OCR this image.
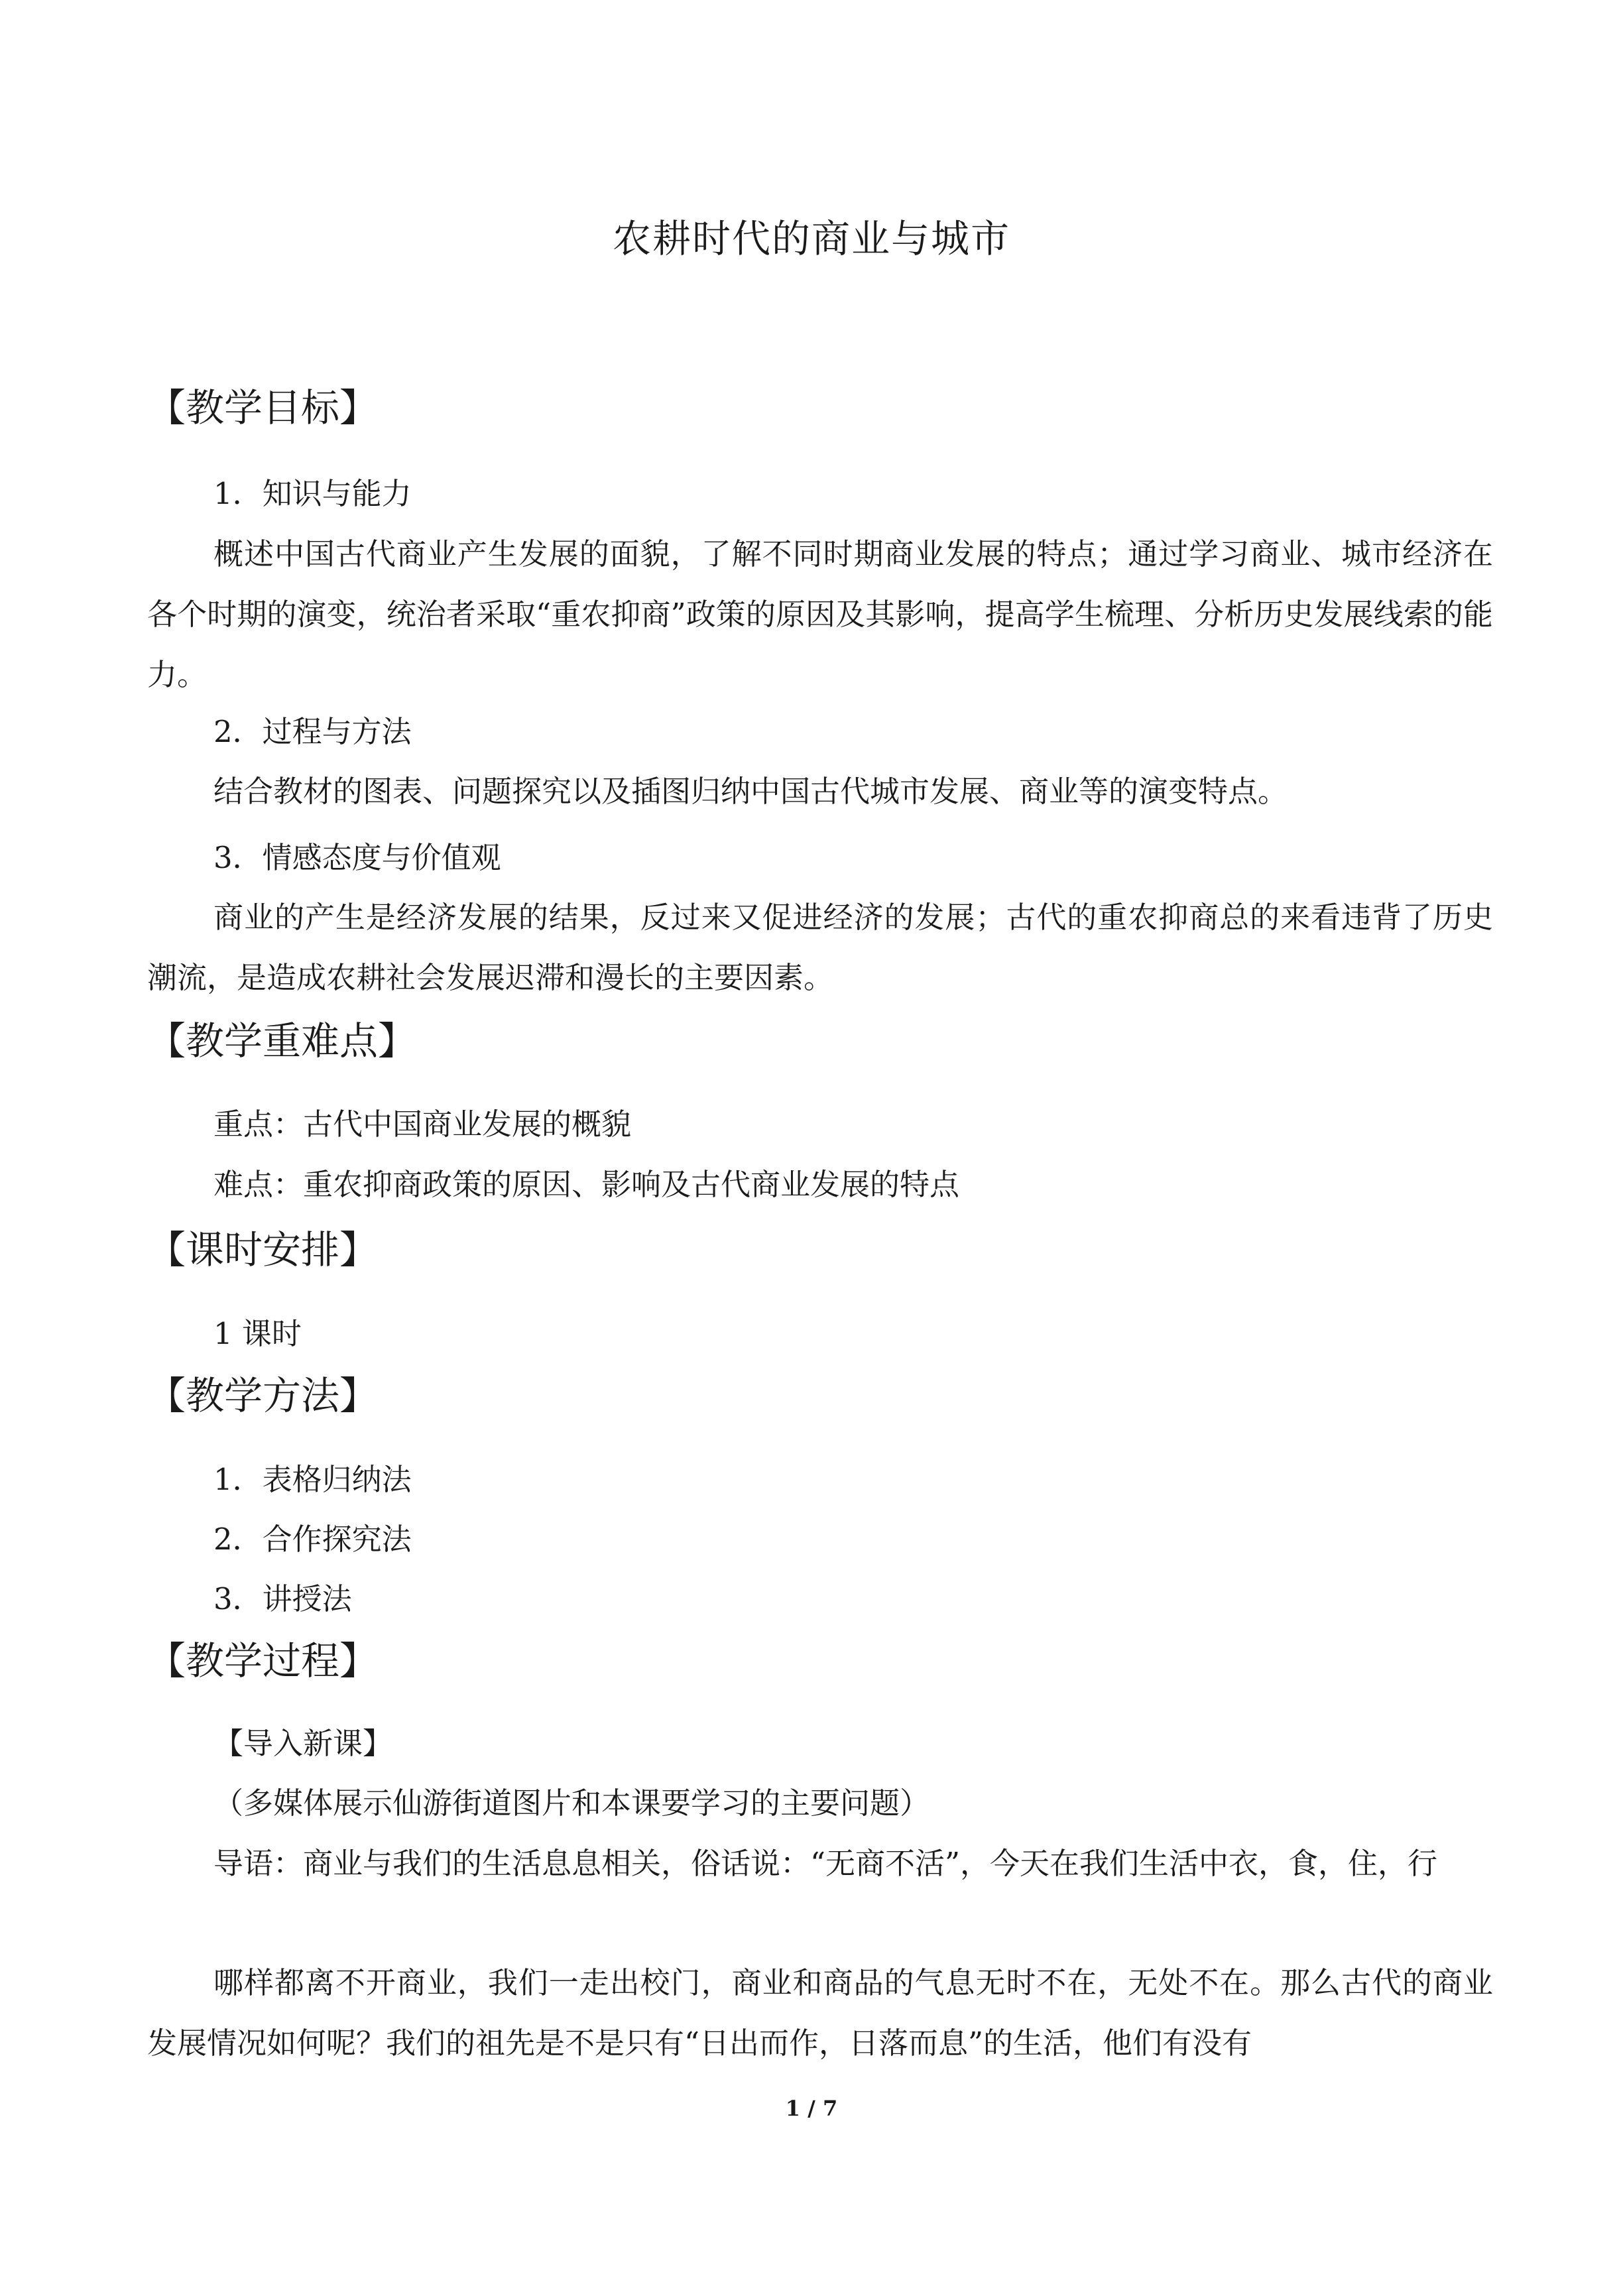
农耕时代的商业与城市
【教学目标】
1．知识与能力

概述中国古代商业产生发展的面貌，了解不同时期商业发展的特点；通过学习商业、城市经济在各个时期的演变，统治者采取“重农抑商”政策的原因及其影响，提高学生梳理、分析历史发展线索的能力。

2．过程与方法

结合教材的图表、问题探究以及插图归纳中国古代城市发展、商业等的演变特点。

3．情感态度与价值观

商业的产生是经济发展的结果，反过来又促进经济的发展；古代的重农抑商总的来看违背了历史潮流，是造成农耕社会发展迟滞和漫长的主要因素。

【教学重难点】
重点：古代中国商业发展的概貌
难点：重农抑商政策的原因、影响及古代商业发展的特点
【课时安排】
1 课时
【教学方法】
1．表格归纳法
2．合作探究法
3．讲授法
【教学过程】
【导入新课】
（多媒体展示仙游街道图片和本课要学习的主要问题）

导语：商业与我们的生活息息相关，俗话说：“无商不活”，今天在我们生活中衣，食，住，行

哪样都离不开商业，我们一走出校门，商业和商品的气息无时不在，无处不在。那么古代的商业发展情况如何呢？我们的祖先是不是只有“日出而作，日落而息”的生活，他们有没有

1 / 7
